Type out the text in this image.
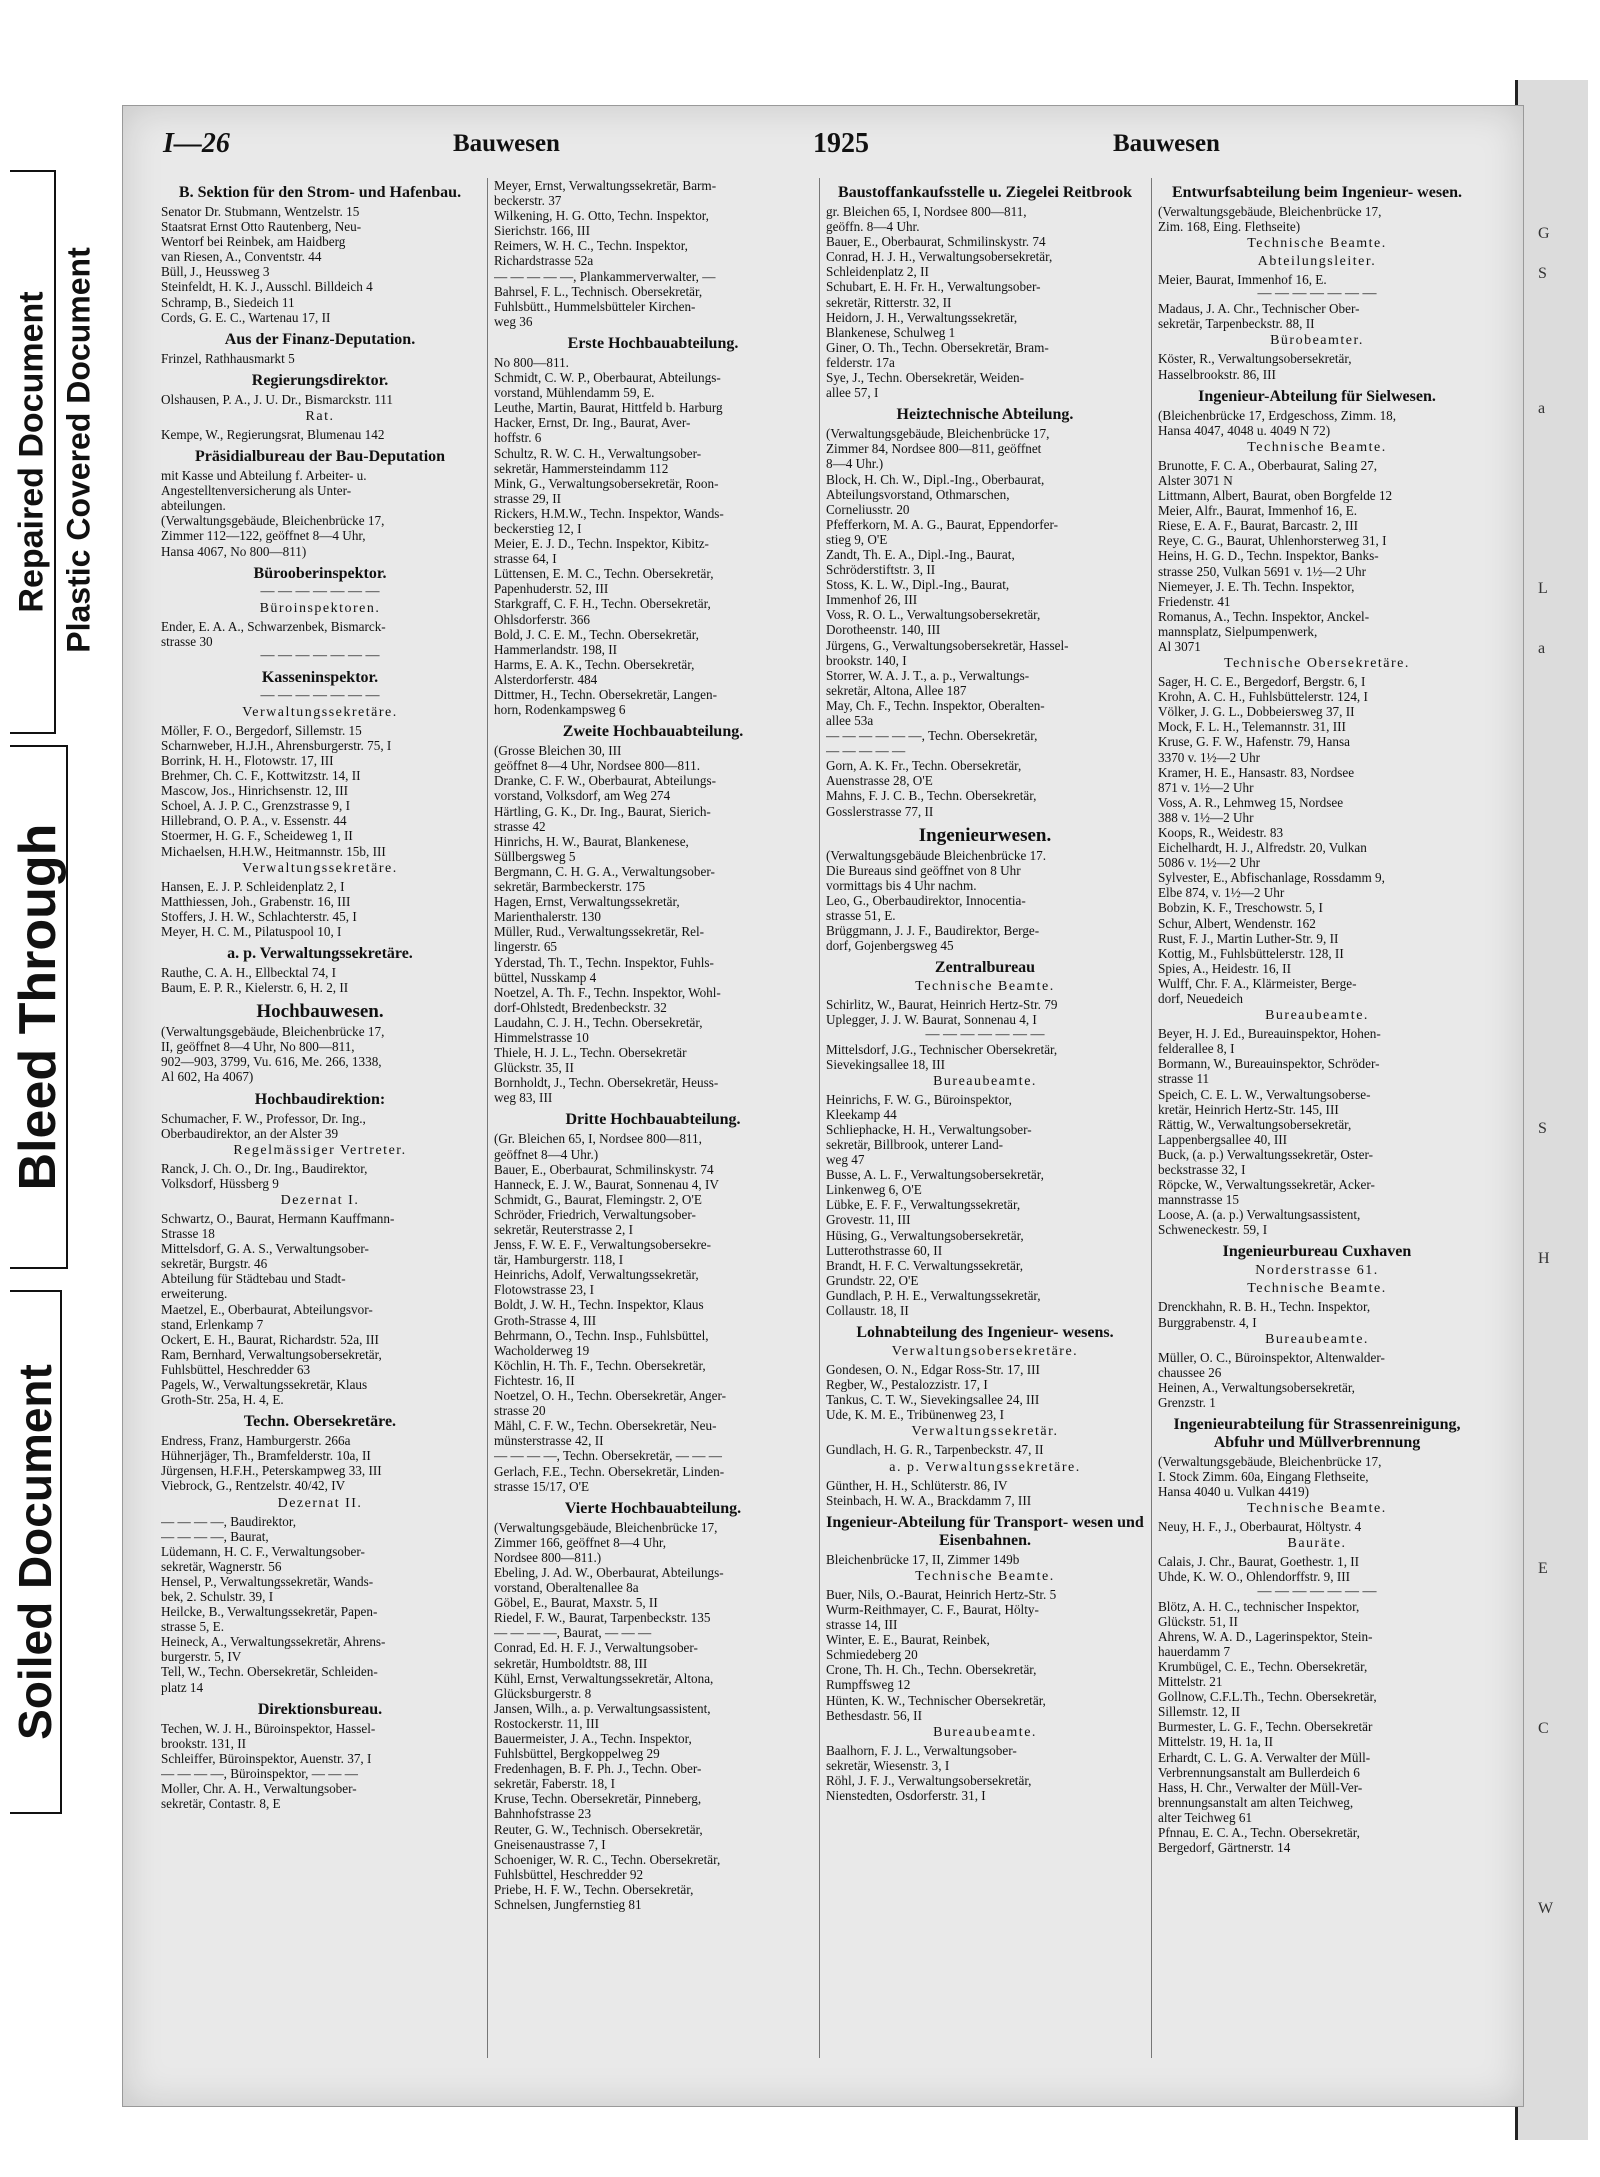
Repaired Document Plastic Covered Document
Bleed Through
Soiled Document
G
S
a
L
a
S
H
E
C
W
I—26	Bauwesen	1925	Bauwesen
B. Sektion für den Strom- und Hafenbau.
Senator Dr. Stubmann, Wentzelstr. 15
Staatsrat Ernst Otto Rautenberg, Neu-
Wentorf bei Reinbek, am Haidberg
van Riesen, A., Conventstr. 44
Büll, J., Heussweg 3
Steinfeldt, H. K. J., Ausschl. Billdeich 4
Schramp, B., Siedeich 11
Cords, G. E. C., Wartenau 17, II
Aus der Finanz-Deputation.
Frinzel, Rathhausmarkt 5
Regierungsdirektor.
Olshausen, P. A., J. U. Dr., Bismarckstr. 111
Rat.
Kempe, W., Regierungsrat, Blumenau 142
Präsidialbureau der Bau-Deputation
mit Kasse und Abteilung f. Arbeiter- u.
Angestelltenversicherung als Unter-
abteilungen.
(Verwaltungsgebäude, Bleichenbrücke 17,
Zimmer 112—122, geöffnet 8—4 Uhr,
Hansa 4067, No 800—811)
Bürooberinspektor.
— — — — — — —
Büroinspektoren.
Ender, E. A. A., Schwarzenbek, Bismarck-
strasse 30
— — — — — — —
Kasseninspektor.
— — — — — — —
Verwaltungssekretäre.
Möller, F. O., Bergedorf, Sillemstr. 15
Scharnweber, H.J.H., Ahrensburgerstr. 75, I
Borrink, H. H., Flotowstr. 17, III
Brehmer, Ch. C. F., Kottwitzstr. 14, II
Mascow, Jos., Hinrichsenstr. 12, III
Schoel, A. J. P. C., Grenzstrasse 9, I
Hillebrand, O. P. A., v. Essenstr. 44
Stoermer, H. G. F., Scheideweg 1, II
Michaelsen, H.H.W., Heitmannstr. 15b, III
Verwaltungssekretäre.
Hansen, E. J. P. Schleidenplatz 2, I
Matthiessen, Joh., Grabenstr. 16, III
Stoffers, J. H. W., Schlachterstr. 45, I
Meyer, H. C. M., Pilatuspool 10, I
a. p. Verwaltungssekretäre.
Rauthe, C. A. H., Ellbecktal 74, I
Baum, E. P. R., Kielerstr. 6, H. 2, II
Hochbauwesen.
(Verwaltungsgebäude, Bleichenbrücke 17,
II, geöffnet 8—4 Uhr, No 800—811,
902—903, 3799, Vu. 616, Me. 266, 1338,
Al 602, Ha 4067)
Hochbaudirektion:
Schumacher, F. W., Professor, Dr. Ing.,
Oberbaudirektor, an der Alster 39
Regelmässiger Vertreter.
Ranck, J. Ch. O., Dr. Ing., Baudirektor,
Volksdorf, Hüssberg 9
Dezernat I.
Schwartz, O., Baurat, Hermann Kauffmann-
Strasse 18
Mittelsdorf, G. A. S., Verwaltungsober-
sekretär, Burgstr. 46
Abteilung für Städtebau und Stadt-
erweiterung.
Maetzel, E., Oberbaurat, Abteilungsvor-
stand, Erlenkamp 7
Ockert, E. H., Baurat, Richardstr. 52a, III
Ram, Bernhard, Verwaltungsobersekretär,
Fuhlsbüttel, Heschredder 63
Pagels, W., Verwaltungssekretär, Klaus
Groth-Str. 25a, H. 4, E.
Techn. Obersekretäre.
Endress, Franz, Hamburgerstr. 266a
Hühnerjäger, Th., Bramfelderstr. 10a, II
Jürgensen, H.F.H., Peterskampweg 33, III
Viebrock, G., Rentzelstr. 40/42, IV
Dezernat II.
— — — —, Baudirektor,
— — — —, Baurat,
Lüdemann, H. C. F., Verwaltungsober-
sekretär, Wagnerstr. 56
Hensel, P., Verwaltungssekretär, Wands-
bek, 2. Schulstr. 39, I
Heilcke, B., Verwaltungssekretär, Papen-
strasse 5, E.
Heineck, A., Verwaltungssekretär, Ahrens-
burgerstr. 5, IV
Tell, W., Techn. Obersekretär, Schleiden-
platz 14
Direktionsbureau.
Techen, W. J. H., Büroinspektor, Hassel-
brookstr. 131, II
Schleiffer, Büroinspektor, Auenstr. 37, I
— — — —, Büroinspektor, — — —
Moller, Chr. A. H., Verwaltungsober-
sekretär, Contastr. 8, E
Meyer, Ernst, Verwaltungssekretär, Barm-
beckerstr. 37
Wilkening, H. G. Otto, Techn. Inspektor,
Sierichstr. 166, III
Reimers, W. H. C., Techn. Inspektor,
Richardstrasse 52a
— — — — —, Plankammerverwalter, —
Bahrsel, F. L., Technisch. Obersekretär,
Fuhlsbütt., Hummelsbütteler Kirchen-
weg 36
Erste Hochbauabteilung.
No 800—811.
Schmidt, C. W. P., Oberbaurat, Abteilungs-
vorstand, Mühlendamm 59, E.
Leuthe, Martin, Baurat, Hittfeld b. Harburg
Hacker, Ernst, Dr. Ing., Baurat, Aver-
hoffstr. 6
Schultz, R. W. C. H., Verwaltungsober-
sekretär, Hammersteindamm 112
Mink, G., Verwaltungsobersekretär, Roon-
strasse 29, II
Rickers, H.M.W., Techn. Inspektor, Wands-
beckerstieg 12, I
Meier, E. J. D., Techn. Inspektor, Kibitz-
strasse 64, I
Lüttensen, E. M. C., Techn. Obersekretär,
Papenhuderstr. 52, III
Starkgraff, C. F. H., Techn. Obersekretär,
Ohlsdorferstr. 366
Bold, J. C. E. M., Techn. Obersekretär,
Hammerlandstr. 198, II
Harms, E. A. K., Techn. Obersekretär,
Alsterdorferstr. 484
Dittmer, H., Techn. Obersekretär, Langen-
horn, Rodenkampsweg 6
Zweite Hochbauabteilung.
(Grosse Bleichen 30, III
geöffnet 8—4 Uhr, Nordsee 800—811.
Dranke, C. F. W., Oberbaurat, Abteilungs-
vorstand, Volksdorf, am Weg 274
Härtling, G. K., Dr. Ing., Baurat, Sierich-
strasse 42
Hinrichs, H. W., Baurat, Blankenese,
Süllbergsweg 5
Bergmann, C. H. G. A., Verwaltungsober-
sekretär, Barmbeckerstr. 175
Hagen, Ernst, Verwaltungssekretär,
Marienthalerstr. 130
Müller, Rud., Verwaltungssekretär, Rel-
lingerstr. 65
Yderstad, Th. T., Techn. Inspektor, Fuhls-
büttel, Nusskamp 4
Noetzel, A. Th. F., Techn. Inspektor, Wohl-
dorf-Ohlstedt, Bredenbeckstr. 32
Laudahn, C. J. H., Techn. Obersekretär,
Himmelstrasse 10
Thiele, H. J. L., Techn. Obersekretär
Glückstr. 35, II
Bornholdt, J., Techn. Obersekretär, Heuss-
weg 83, III
Dritte Hochbauabteilung.
(Gr. Bleichen 65, I, Nordsee 800—811,
geöffnet 8—4 Uhr.)
Bauer, E., Oberbaurat, Schmilinskystr. 74
Hanneck, E. J. W., Baurat, Sonnenau 4, IV
Schmidt, G., Baurat, Flemingstr. 2, O'E
Schröder, Friedrich, Verwaltungsober-
sekretär, Reuterstrasse 2, I
Jenss, F. W. E. F., Verwaltungsobersekre-
tär, Hamburgerstr. 118, I
Heinrichs, Adolf, Verwaltungssekretär,
Flotowstrasse 23, I
Boldt, J. W. H., Techn. Inspektor, Klaus
Groth-Strasse 4, III
Behrmann, O., Techn. Insp., Fuhlsbüttel,
Wacholderweg 19
Köchlin, H. Th. F., Techn. Obersekretär,
Fichtestr. 16, II
Noetzel, O. H., Techn. Obersekretär, Anger-
strasse 20
Mähl, C. F. W., Techn. Obersekretär, Neu-
münsterstrasse 42, II
— — — —, Techn. Obersekretär, — — —
Gerlach, F.E., Techn. Obersekretär, Linden-
strasse 15/17, O'E
Vierte Hochbauabteilung.
(Verwaltungsgebäude, Bleichenbrücke 17,
Zimmer 166, geöffnet 8—4 Uhr,
Nordsee 800—811.)
Ebeling, J. Ad. W., Oberbaurat, Abteilungs-
vorstand, Oberaltenallee 8a
Göbel, E., Baurat, Maxstr. 5, II
Riedel, F. W., Baurat, Tarpenbeckstr. 135
— — — —, Baurat, — — —
Conrad, Ed. H. F. J., Verwaltungsober-
sekretär, Humboldtstr. 88, III
Kühl, Ernst, Verwaltungssekretär, Altona,
Glücksburgerstr. 8
Jansen, Wilh., a. p. Verwaltungsassistent,
Rostockerstr. 11, III
Bauermeister, J. A., Techn. Inspektor,
Fuhlsbüttel, Bergkoppelweg 29
Fredenhagen, B. F. Ph. J., Techn. Ober-
sekretär, Faberstr. 18, I
Kruse, Techn. Obersekretär, Pinneberg,
Bahnhofstrasse 23
Reuter, G. W., Technisch. Obersekretär,
Gneisenaustrasse 7, I
Schoeniger, W. R. C., Techn. Obersekretär,
Fuhlsbüttel, Heschredder 92
Priebe, H. F. W., Techn. Obersekretär,
Schnelsen, Jungfernstieg 81
Baustoffankaufsstelle u. Ziegelei Reitbrook
gr. Bleichen 65, I, Nordsee 800—811,
geöffn. 8—4 Uhr.
Bauer, E., Oberbaurat, Schmilinskystr. 74
Conrad, H. J. H., Verwaltungsobersekretär,
Schleidenplatz 2, II
Schubart, E. H. Fr. H., Verwaltungsober-
sekretär, Ritterstr. 32, II
Heidorn, J. H., Verwaltungssekretär,
Blankenese, Schulweg 1
Giner, O. Th., Techn. Obersekretär, Bram-
felderstr. 17a
Sye, J., Techn. Obersekretär, Weiden-
allee 57, I
Heiztechnische Abteilung.
(Verwaltungsgebäude, Bleichenbrücke 17,
Zimmer 84, Nordsee 800—811, geöffnet
8—4 Uhr.)
Block, H. Ch. W., Dipl.-Ing., Oberbaurat,
Abteilungsvorstand, Othmarschen,
Corneliusstr. 20
Pfefferkorn, M. A. G., Baurat, Eppendorfer-
stieg 9, O'E
Zandt, Th. E. A., Dipl.-Ing., Baurat,
Schröderstiftstr. 3, II
Stoss, K. L. W., Dipl.-Ing., Baurat,
Immenhof 26, III
Voss, R. O. L., Verwaltungsobersekretär,
Dorotheenstr. 140, III
Jürgens, G., Verwaltungsobersekretär, Hassel-
brookstr. 140, I
Storrer, W. A. J. T., a. p., Verwaltungs-
sekretär, Altona, Allee 187
May, Ch. F., Techn. Inspektor, Oberalten-
allee 53a
— — — — — —, Techn. Obersekretär,
— — — — —
Gorn, A. K. Fr., Techn. Obersekretär,
Auenstrasse 28, O'E
Mahns, F. J. C. B., Techn. Obersekretär,
Gosslerstrasse 77, II
Ingenieurwesen.
(Verwaltungsgebäude Bleichenbrücke 17.
Die Bureaus sind geöffnet von 8 Uhr
vormittags bis 4 Uhr nachm.
Leo, G., Oberbaudirektor, Innocentia-
strasse 51, E.
Brüggmann, J. J. F., Baudirektor, Berge-
dorf, Gojenbergsweg 45
Zentralbureau
Technische Beamte.
Schirlitz, W., Baurat, Heinrich Hertz-Str. 79
Uplegger, J. J. W. Baurat, Sonnenau 4, I
— — — — — — —
Mittelsdorf, J.G., Technischer Obersekretär,
Sievekingsallee 18, III
Bureaubeamte.
Heinrichs, F. W. G., Büroinspektor,
Kleekamp 44
Schliephacke, H. H., Verwaltungsober-
sekretär, Billbrook, unterer Land-
weg 47
Busse, A. L. F., Verwaltungsobersekretär,
Linkenweg 6, O'E
Lübke, E. F. F., Verwaltungssekretär,
Grovestr. 11, III
Hüsing, G., Verwaltungsobersekretär,
Lutterothstrasse 60, II
Brandt, H. F. C. Verwaltungssekretär,
Grundstr. 22, O'E
Gundlach, P. H. E., Verwaltungssekretär,
Collaustr. 18, II
Lohnabteilung des Ingenieur- wesens.
Verwaltungsobersekretäre.
Gondesen, O. N., Edgar Ross-Str. 17, III
Regber, W., Pestalozzistr. 17, I
Tankus, C. T. W., Sievekingsallee 24, III
Ude, K. M. E., Tribünenweg 23, I
Verwaltungssekretär.
Gundlach, H. G. R., Tarpenbeckstr. 47, II
a. p. Verwaltungssekretäre.
Günther, H. H., Schlüterstr. 86, IV
Steinbach, H. W. A., Brackdamm 7, III
Ingenieur-Abteilung für Transport- wesen und Eisenbahnen.
Bleichenbrücke 17, II, Zimmer 149b
Technische Beamte.
Buer, Nils, O.-Baurat, Heinrich Hertz-Str. 5
Wurm-Reithmayer, C. F., Baurat, Hölty-
strasse 14, III
Winter, E. E., Baurat, Reinbek,
Schmiedeberg 20
Crone, Th. H. Ch., Techn. Obersekretär,
Rumpffsweg 12
Hünten, K. W., Technischer Obersekretär,
Bethesdastr. 56, II
Bureaubeamte.
Baalhorn, F. J. L., Verwaltungsober-
sekretär, Wiesenstr. 3, I
Röhl, J. F. J., Verwaltungsobersekretär,
Nienstedten, Osdorferstr. 31, I
Entwurfsabteilung beim Ingenieur- wesen.
(Verwaltungsgebäude, Bleichenbrücke 17,
Zim. 168, Eing. Flethseite)
Technische Beamte.
Abteilungsleiter.
Meier, Baurat, Immenhof 16, E.
— — — — — — —
Madaus, J. A. Chr., Technischer Ober-
sekretär, Tarpenbeckstr. 88, II
Bürobeamter.
Köster, R., Verwaltungsobersekretär,
Hasselbrookstr. 86, III
Ingenieur-Abteilung für Sielwesen.
(Bleichenbrücke 17, Erdgeschoss, Zimm. 18,
Hansa 4047, 4048 u. 4049 N 72)
Technische Beamte.
Brunotte, F. C. A., Oberbaurat, Saling 27,
Alster 3071 N
Littmann, Albert, Baurat, oben Borgfelde 12
Meier, Alfr., Baurat, Immenhof 16, E.
Riese, E. A. F., Baurat, Barcastr. 2, III
Reye, C. G., Baurat, Uhlenhorsterweg 31, I
Heins, H. G. D., Techn. Inspektor, Banks-
strasse 250, Vulkan 5691 v. 1½—2 Uhr
Niemeyer, J. E. Th. Techn. Inspektor,
Friedenstr. 41
Romanus, A., Techn. Inspektor, Anckel-
mannsplatz, Sielpumpenwerk,
Al 3071
Technische Obersekretäre.
Sager, H. C. E., Bergedorf, Bergstr. 6, I
Krohn, A. C. H., Fuhlsbüttelerstr. 124, I
Völker, J. G. L., Dobbeiersweg 37, II
Mock, F. L. H., Telemannstr. 31, III
Kruse, G. F. W., Hafenstr. 79, Hansa
3370 v. 1½—2 Uhr
Kramer, H. E., Hansastr. 83, Nordsee
871 v. 1½—2 Uhr
Voss, A. R., Lehmweg 15, Nordsee
388 v. 1½—2 Uhr
Koops, R., Weidestr. 83
Eichelhardt, H. J., Alfredstr. 20, Vulkan
5086 v. 1½—2 Uhr
Sylvester, E., Abfischanlage, Rossdamm 9,
Elbe 874, v. 1½—2 Uhr
Bobzin, K. F., Treschowstr. 5, I
Schur, Albert, Wendenstr. 162
Rust, F. J., Martin Luther-Str. 9, II
Kottig, M., Fuhlsbüttelerstr. 128, II
Spies, A., Heidestr. 16, II
Wulff, Chr. F. A., Klärmeister, Berge-
dorf, Neuedeich
Bureaubeamte.
Beyer, H. J. Ed., Bureauinspektor, Hohen-
felderallee 8, I
Bormann, W., Bureauinspektor, Schröder-
strasse 11
Speich, C. E. L. W., Verwaltungsoberse-
kretär, Heinrich Hertz-Str. 145, III
Rättig, W., Verwaltungsobersekretär,
Lappenbergsallee 40, III
Buck, (a. p.) Verwaltungssekretär, Oster-
beckstrasse 32, I
Röpcke, W., Verwaltungssekretär, Acker-
mannstrasse 15
Loose, A. (a. p.) Verwaltungsassistent,
Schweneckestr. 59, I
Ingenieurbureau Cuxhaven
Norderstrasse 61.
Technische Beamte.
Drenckhahn, R. B. H., Techn. Inspektor,
Burggrabenstr. 4, I
Bureaubeamte.
Müller, O. C., Büroinspektor, Altenwalder-
chaussee 26
Heinen, A., Verwaltungsobersekretär,
Grenzstr. 1
Ingenieurabteilung für Strassenreinigung, Abfuhr und Müllverbrennung
(Verwaltungsgebäude, Bleichenbrücke 17,
I. Stock Zimm. 60a, Eingang Flethseite,
Hansa 4040 u. Vulkan 4419)
Technische Beamte.
Neuy, H. F., J., Oberbaurat, Höltystr. 4
Bauräte.
Calais, J. Chr., Baurat, Goethestr. 1, II
Uhde, K. W. O., Ohlendorffstr. 9, III
— — — — — — —
Blötz, A. H. C., technischer Inspektor,
Glückstr. 51, II
Ahrens, W. A. D., Lagerinspektor, Stein-
hauerdamm 7
Krumbügel, C. E., Techn. Obersekretär,
Mittelstr. 21
Gollnow, C.F.L.Th., Techn. Obersekretär,
Sillemstr. 12, II
Burmester, L. G. F., Techn. Obersekretär
Mittelstr. 19, H. 1a, II
Erhardt, C. L. G. A. Verwalter der Müll-
Verbrennungsanstalt am Bullerdeich 6
Hass, H. Chr., Verwalter der Müll-Ver-
brennungsanstalt am alten Teichweg,
alter Teichweg 61
Pfnnau, E. C. A., Techn. Obersekretär,
Bergedorf, Gärtnerstr. 14
